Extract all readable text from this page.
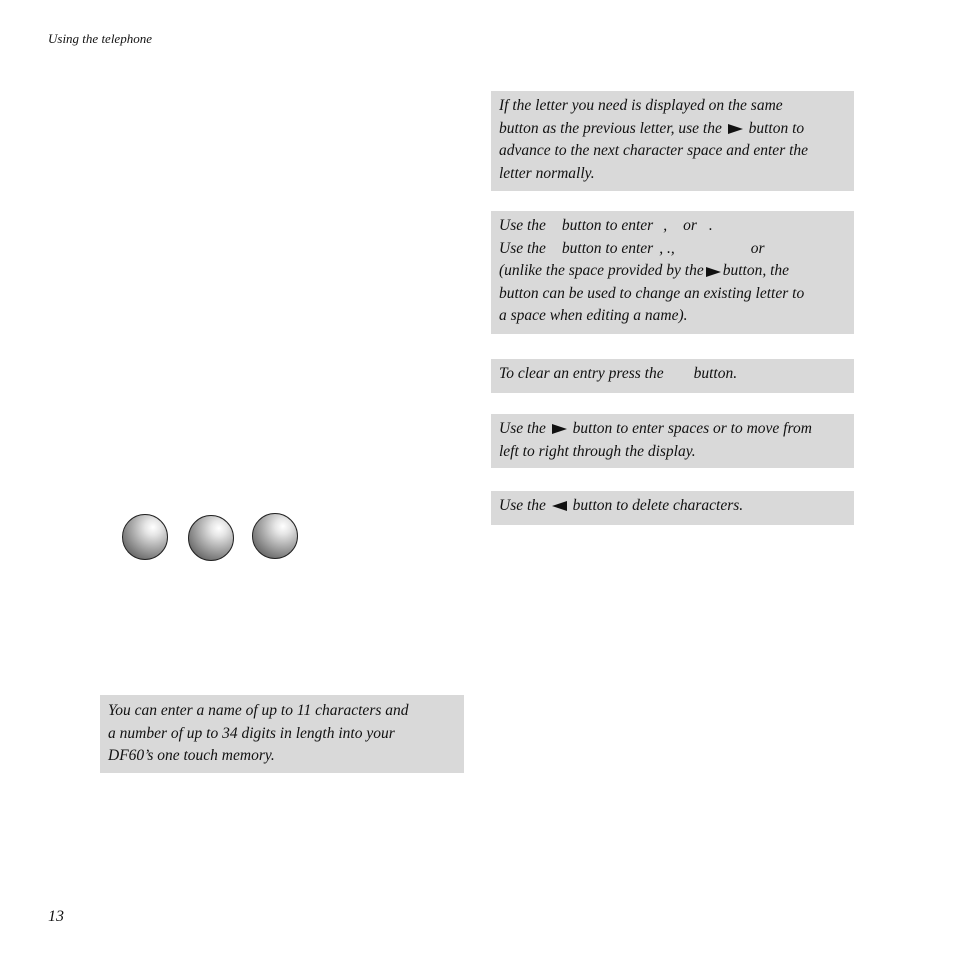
Using the telephone
If the letter you need is displayed on the same
button as the previous letter, use the button to
advance to the next character space and enter the
letter normally.
Use the button to enter , or .
Use the button to enter , .,	or
(unlike the space provided by the button, the
button can be used to change an existing letter to
a space when editing a name).
To clear an entry press the button.
Use the button to enter spaces or to move from
left to right through the display.
Use the button to delete characters.
You can enter a name of up to 11 characters and
a number of up to 34 digits in length into your
DF60’s one touch memory.
13
